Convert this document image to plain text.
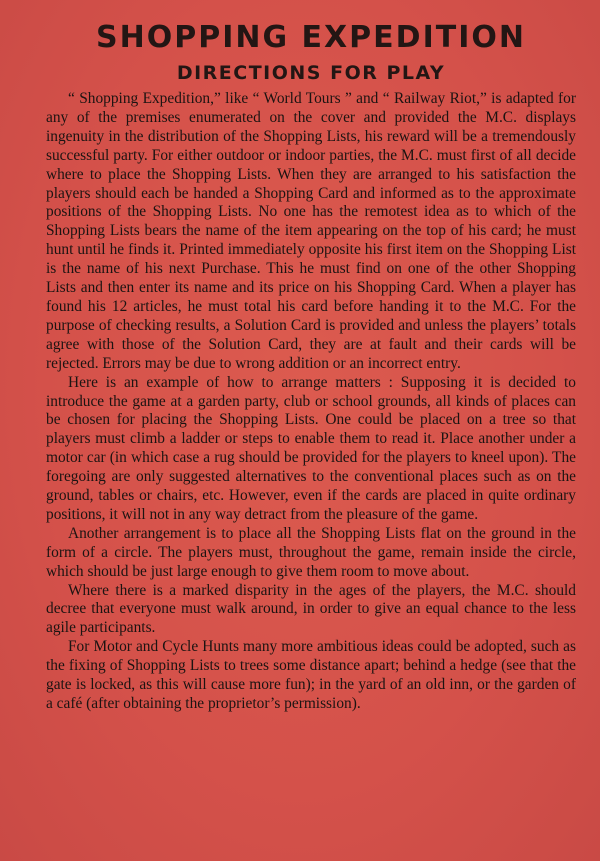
SHOPPING EXPEDITION
DIRECTIONS FOR PLAY

“ Shopping Expedition,” like “ World Tours ” and “ Railway Riot,” is adapted for any of the premises enumerated on the cover and provided the M.C. displays ingenuity in the distribution of the Shopping Lists, his reward will be a tremendously successful party. For either outdoor or indoor parties, the M.C. must first of all decide where to place the Shopping Lists. When they are arranged to his satisfaction the players should each be handed a Shopping Card and informed as to the approximate positions of the Shopping Lists. No one has the remotest idea as to which of the Shopping Lists bears the name of the item appearing on the top of his card; he must hunt until he finds it. Printed immediately opposite his first item on the Shopping List is the name of his next Purchase. This he must find on one of the other Shopping Lists and then enter its name and its price on his Shopping Card. When a player has found his 12 articles, he must total his card before handing it to the M.C. For the purpose of checking results, a Solution Card is provided and unless the players’ totals agree with those of the Solution Card, they are at fault and their cards will be rejected. Errors may be due to wrong addition or an incorrect entry.

Here is an example of how to arrange matters : Supposing it is decided to introduce the game at a garden party, club or school grounds, all kinds of places can be chosen for placing the Shopping Lists. One could be placed on a tree so that players must climb a ladder or steps to enable them to read it. Place another under a motor car (in which case a rug should be provided for the players to kneel upon). The foregoing are only suggested alternatives to the conventional places such as on the ground, tables or chairs, etc. However, even if the cards are placed in quite ordinary positions, it will not in any way detract from the pleasure of the game.

Another arrangement is to place all the Shopping Lists flat on the ground in the form of a circle. The players must, throughout the game, remain inside the circle, which should be just large enough to give them room to move about.

Where there is a marked disparity in the ages of the players, the M.C. should decree that everyone must walk around, in order to give an equal chance to the less agile participants.

For Motor and Cycle Hunts many more ambitious ideas could be adopted, such as the fixing of Shopping Lists to trees some distance apart; behind a hedge (see that the gate is locked, as this will cause more fun); in the yard of an old inn, or the garden of a café (after obtaining the proprietor’s permission).
